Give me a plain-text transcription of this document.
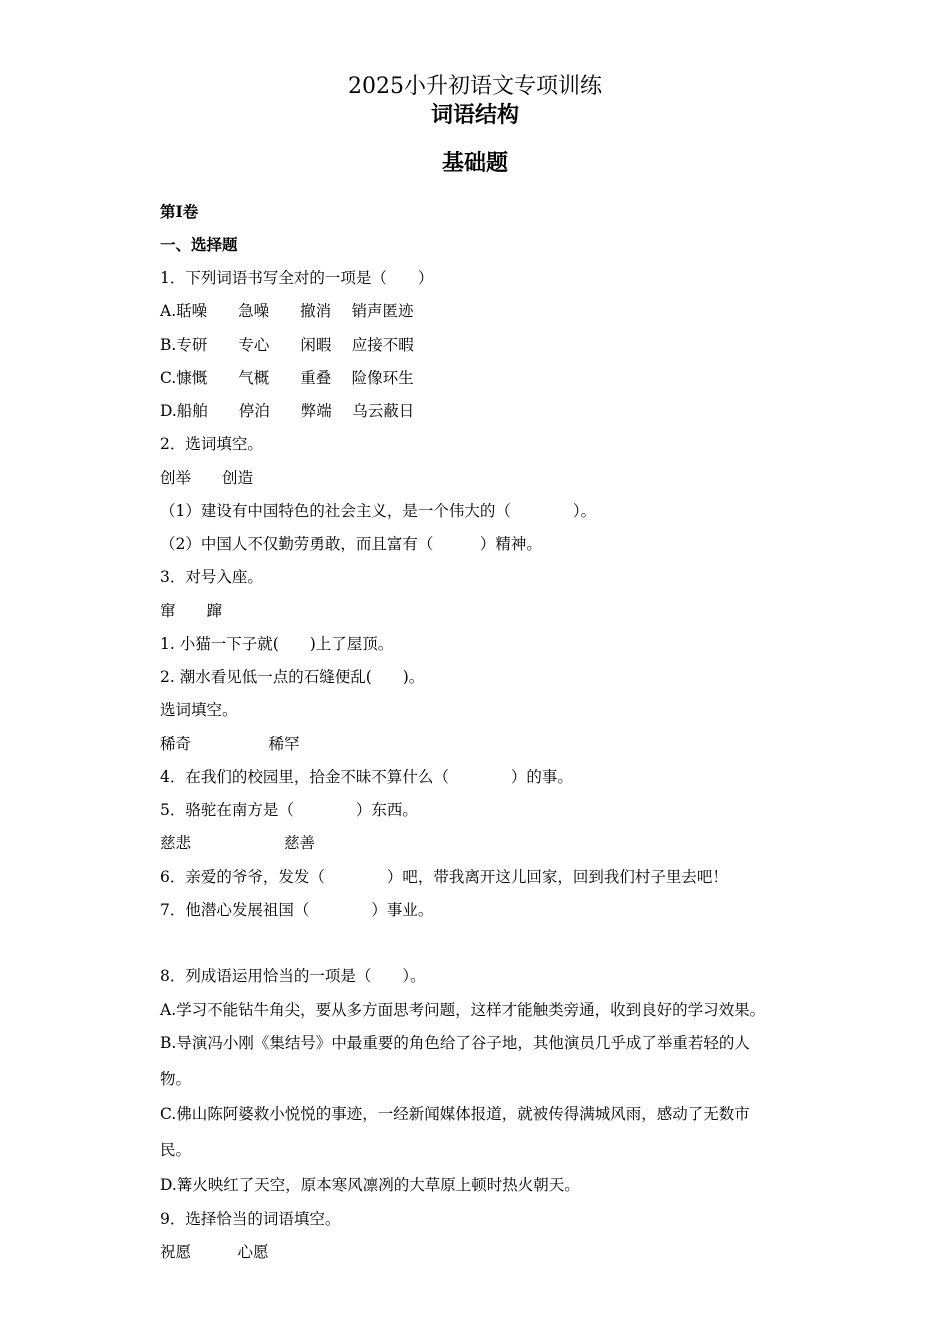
2025小升初语文专项训练
词语结构
基础题
第I卷
一、选择题
1．下列词语书写全对的一项是（　　）
A.聒噪　　急噪　　撤消　 销声匿迹
B.专研　　专心　　闲暇　 应接不暇
C.慷慨　　气概　　重叠　 险像环生
D.船舶　　停泊　　弊端　 乌云蔽日
2．选词填空。
创举　　创造
（1）建设有中国特色的社会主义，是一个伟大的（　　　　）。
（2）中国人不仅勤劳勇敢，而且富有（　　　）精神。
3．对号入座。
窜　　蹿
1. 小猫一下子就(　　)上了屋顶。
2. 潮水看见低一点的石缝便乱(　　)。
选词填空。
稀奇　　　　　稀罕
4．在我们的校园里，拾金不昧不算什么（　　　　）的事。
5．骆驼在南方是（　　　　）东西。
慈悲　　　　　　慈善
6．亲爱的爷爷，发发（　　　　）吧，带我离开这儿回家，回到我们村子里去吧！
7．他潜心发展祖国（　　　　）事业。
8．列成语运用恰当的一项是（　　）。
A.学习不能钻牛角尖，要从多方面思考问题，这样才能触类旁通，收到良好的学习效果。
B.导演冯小刚《集结号》中最重要的角色给了谷子地，其他演员几乎成了举重若轻的人
物。
C.佛山陈阿婆救小悦悦的事迹，一经新闻媒体报道，就被传得满城风雨，感动了无数市
民。
D.篝火映红了天空，原本寒风凛冽的大草原上顿时热火朝天。
9．选择恰当的词语填空。
祝愿　　　心愿
